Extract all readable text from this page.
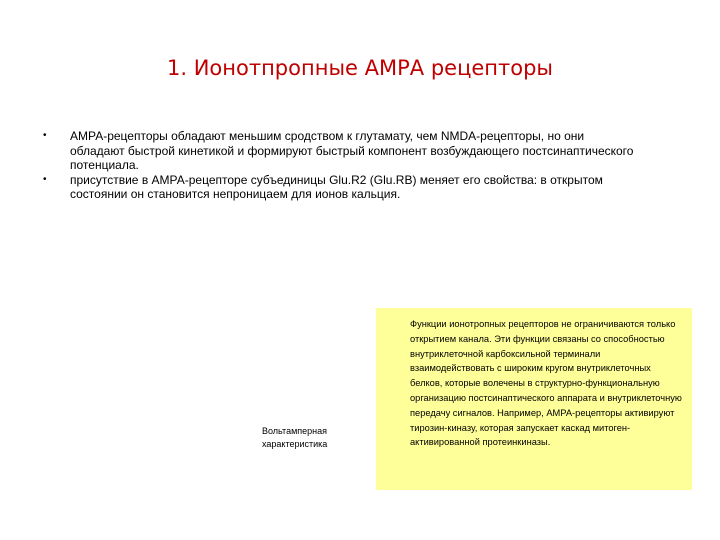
1. Ионотпропные АМРА рецепторы
• АМРА-рецепторы обладают меньшим сродством к глутамату, чем NMDA-рецепторы, но они обладают быстрой кинетикой и формируют быстрый компонент возбуждающего постсинаптического потенциала.
• присутствие в АМРА-рецепторе субъединицы Glu.R2 (Glu.RB) меняет его свойства: в открытом состоянии он становится непроницаем для ионов кальция.
Вольтамперная характеристика
Функции ионотропных рецепторов не ограничиваются только открытием канала. Эти функции связаны со способностью внутриклеточной карбоксильной терминали взаимодействовать с широким кругом внутриклеточных белков, которые волечены в структурно-функциональную организацию постсинаптического аппарата и внутриклеточную передачу сигналов. Например, АМРА-рецепторы активируют тирозин-киназу, которая запускает каскад митоген-активированной протеинкиназы.
